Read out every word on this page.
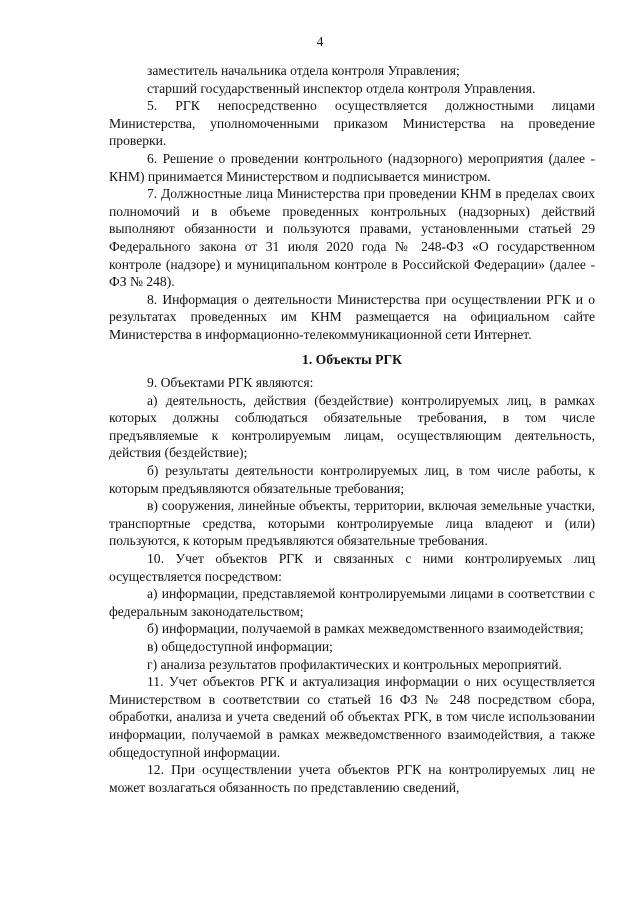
4

заместитель начальника отдела контроля Управления;

старший государственный инспектор отдела контроля Управления.

5. РГК непосредственно осуществляется должностными лицами Министерства, уполномоченными приказом Министерства на проведение проверки.

6. Решение о проведении контрольного (надзорного) мероприятия (далее - КНМ) принимается Министерством и подписывается министром.

7. Должностные лица Министерства при проведении КНМ в пределах своих полномочий и в объеме проведенных контрольных (надзорных) действий выполняют обязанности и пользуются правами, установленными статьей 29 Федерального закона от 31 июля 2020 года № 248-ФЗ «О государственном контроле (надзоре) и муниципальном контроле в Российской Федерации» (далее - ФЗ № 248).

8. Информация о деятельности Министерства при осуществлении РГК и о результатах проведенных им КНМ размещается на официальном сайте Министерства в информационно-телекоммуникационной сети Интернет.

1. Объекты РГК

9. Объектами РГК являются:

а) деятельность, действия (бездействие) контролируемых лиц, в рамках которых должны соблюдаться обязательные требования, в том числе предъявляемые к контролируемым лицам, осуществляющим деятельность, действия (бездействие);

б) результаты деятельности контролируемых лиц, в том числе работы, к которым предъявляются обязательные требования;

в) сооружения, линейные объекты, территории, включая земельные участки, транспортные средства, которыми контролируемые лица владеют и (или) пользуются, к которым предъявляются обязательные требования.

10. Учет объектов РГК и связанных с ними контролируемых лиц осуществляется посредством:

а) информации, представляемой контролируемыми лицами в соответствии с федеральным законодательством;

б) информации, получаемой в рамках межведомственного взаимодействия;

в) общедоступной информации;

г) анализа результатов профилактических и контрольных мероприятий.

11. Учет объектов РГК и актуализация информации о них осуществляется Министерством в соответствии со статьей 16 ФЗ № 248 посредством сбора, обработки, анализа и учета сведений об объектах РГК, в том числе использовании информации, получаемой в рамках межведомственного взаимодействия, а также общедоступной информации.

12. При осуществлении учета объектов РГК на контролируемых лиц не может возлагаться обязанность по представлению сведений,
